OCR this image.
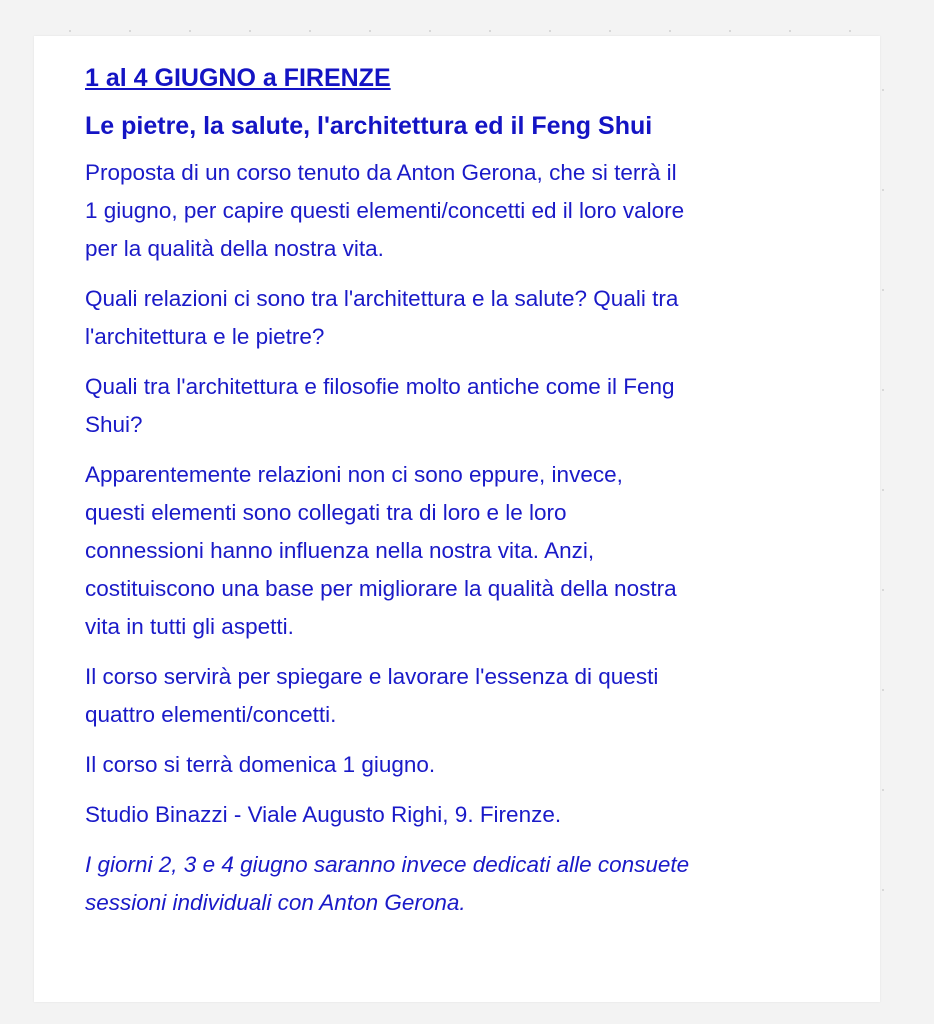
1 al 4 GIUGNO a FIRENZE
Le pietre, la salute, l'architettura ed il Feng Shui

Proposta di un corso tenuto da Anton Gerona, che si terrà il
1 giugno, per capire questi elementi/concetti ed il loro valore
per la qualità della nostra vita.

Quali relazioni ci sono tra l'architettura e la salute? Quali tra
l'architettura e le pietre?

Quali tra l'architettura e filosofie molto antiche come il Feng
Shui?

Apparentemente relazioni non ci sono eppure, invece,
questi elementi sono collegati tra di loro e le loro
connessioni hanno influenza nella nostra vita. Anzi,
costituiscono una base per migliorare la qualità della nostra
vita in tutti gli aspetti.

Il corso servirà per spiegare e lavorare l'essenza di questi
quattro elementi/concetti.

Il corso si terrà domenica 1 giugno.

Studio Binazzi - Viale Augusto Righi, 9. Firenze.

I giorni 2, 3 e 4 giugno saranno invece dedicati alle consuete
sessioni individuali con Anton Gerona.
